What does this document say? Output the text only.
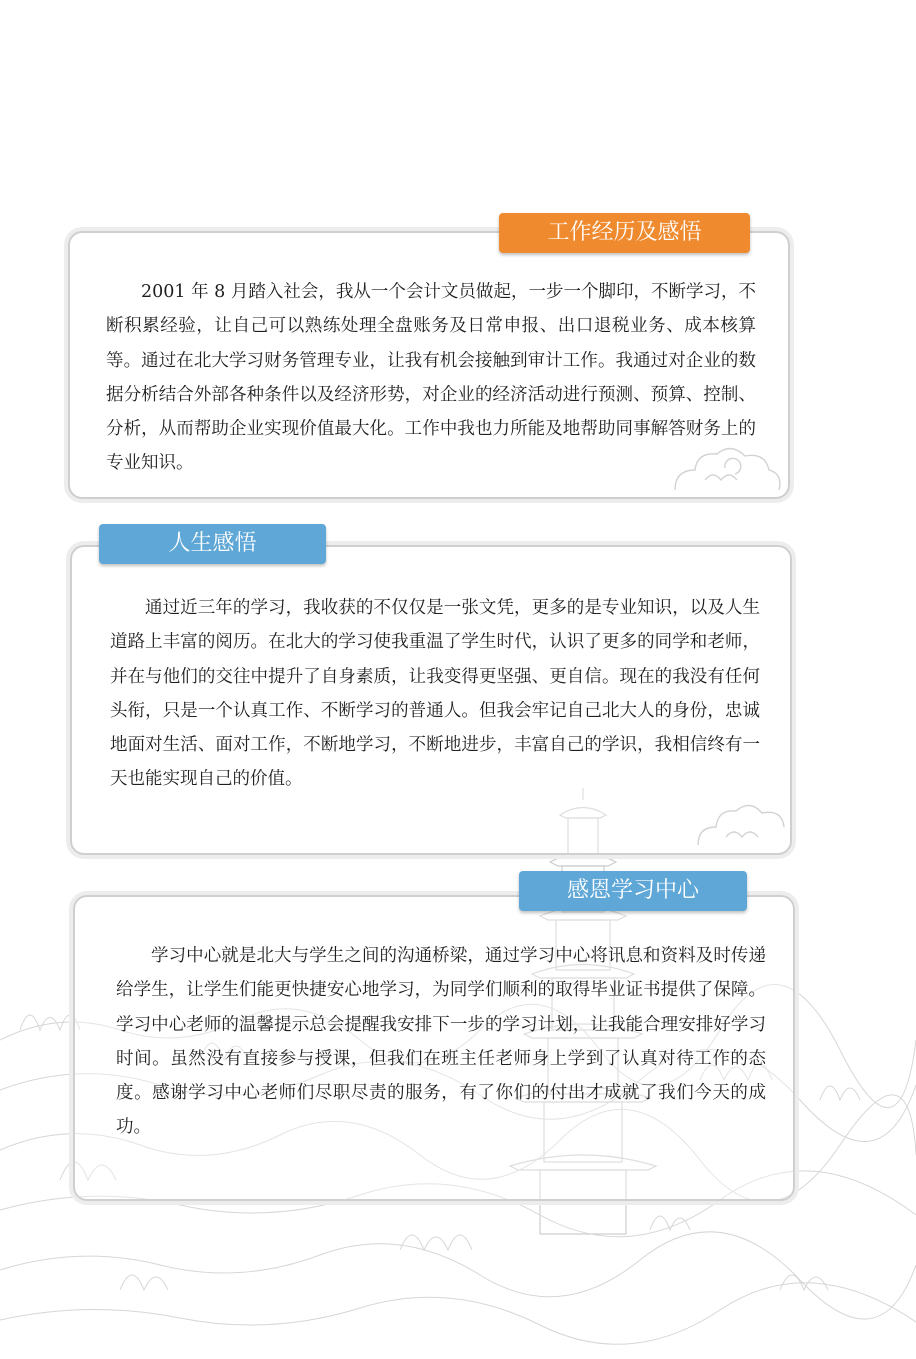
工作经历及感悟

2001 年 8 月踏入社会，我从一个会计文员做起，一步一个脚印，不断学习，不断积累经验，让自己可以熟练处理全盘账务及日常申报、出口退税业务、成本核算等。通过在北大学习财务管理专业，让我有机会接触到审计工作。我通过对企业的数据分析结合外部各种条件以及经济形势，对企业的经济活动进行预测、预算、控制、分析，从而帮助企业实现价值最大化。工作中我也力所能及地帮助同事解答财务上的专业知识。

人生感悟

通过近三年的学习，我收获的不仅仅是一张文凭，更多的是专业知识，以及人生道路上丰富的阅历。在北大的学习使我重温了学生时代，认识了更多的同学和老师，并在与他们的交往中提升了自身素质，让我变得更坚强、更自信。现在的我没有任何头衔，只是一个认真工作、不断学习的普通人。但我会牢记自己北大人的身份，忠诚地面对生活、面对工作，不断地学习，不断地进步，丰富自己的学识，我相信终有一天也能实现自己的价值。

感恩学习中心

学习中心就是北大与学生之间的沟通桥梁，通过学习中心将讯息和资料及时传递给学生，让学生们能更快捷安心地学习，为同学们顺利的取得毕业证书提供了保障。学习中心老师的温馨提示总会提醒我安排下一步的学习计划，让我能合理安排好学习时间。虽然没有直接参与授课，但我们在班主任老师身上学到了认真对待工作的态度。感谢学习中心老师们尽职尽责的服务，有了你们的付出才成就了我们今天的成功。
